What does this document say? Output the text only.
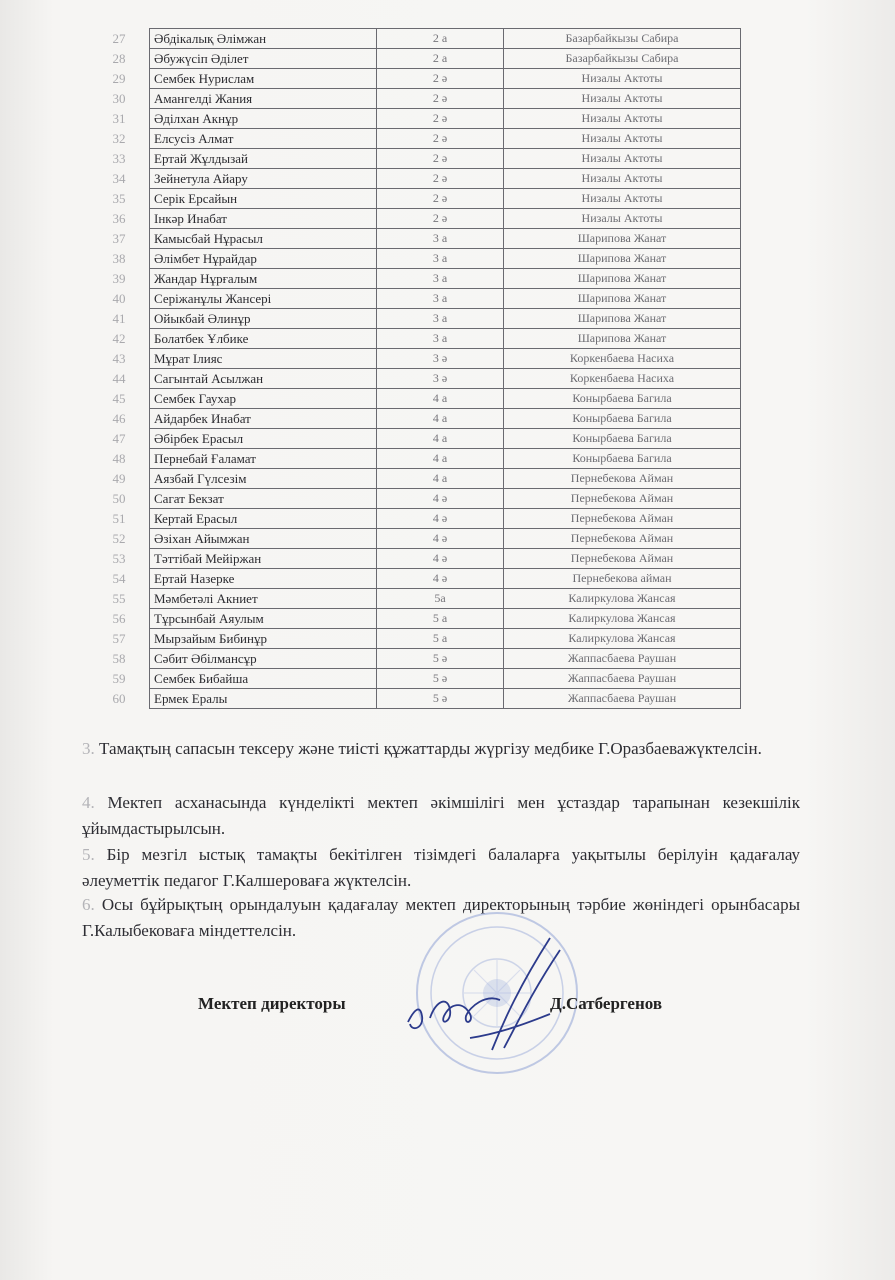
27	Әбдікалық Әлімжан	2 а	Базарбайкызы Сабира
28	Әбужүсіп Әділет	2 а	Базарбайкызы Сабира
29	Сембек Нурислам	2 ә	Низалы Актоты
30	Амангелді Жания	2 ә	Низалы Актоты
31	Әділхан Акнұр	2 ә	Низалы Актоты
32	Елсусіз Алмат	2 ә	Низалы Актоты
33	Ертай Жұлдызай	2 ә	Низалы Актоты
34	Зейнетула Айару	2 ә	Низалы Актоты
35	Серік Ерсайын	2 ә	Низалы Актоты
36	Інкәр Инабат	2 ә	Низалы Актоты
37	Камысбай Нұрасыл	3 а	Шарипова Жанат
38	Әлімбет Нұрайдар	3 а	Шарипова Жанат
39	Жандар Нұрғалым	3 а	Шарипова Жанат
40	Серіжанұлы Жансері	3 а	Шарипова Жанат
41	Ойыкбай Әлинұр	3 а	Шарипова Жанат
42	Болатбек Ұлбике	3 а	Шарипова Жанат
43	Мұрат Ілияс	3 ә	Коркенбаева Насиха
44	Сагынтай Асылжан	3 ә	Коркенбаева Насиха
45	Сембек Гаухар	4 а	Конырбаева Багила
46	Айдарбек Инабат	4 а	Конырбаева Багила
47	Әбірбек Ерасыл	4 а	Конырбаева Багила
48	Пернебай Ғаламат	4 а	Конырбаева Багила
49	Аязбай Гүлсезім	4 а	Пернебекова Айман
50	Сагат Бекзат	4 ә	Пернебекова Айман
51	Кертай Ерасыл	4 ә	Пернебекова Айман
52	Әзіхан Айымжан	4 ә	Пернебекова Айман
53	Тәттібай Мейіржан	4 ә	Пернебекова Айман
54	Ертай Назерке	4 ә	Пернебекова айман
55	Мәмбетәлі Акниет	5а	Калиркулова Жансая
56	Тұрсынбай Аяулым	5 а	Калиркулова Жансая
57	Мырзайым Бибинұр	5 а	Калиркулова Жансая
58	Сәбит Әбілмансұр	5 ә	Жаппасбаева Раушан
59	Сембек Бибайша	5 ә	Жаппасбаева Раушан
60	Ермек Ералы	5 ә	Жаппасбаева Раушан
3. Тамақтың сапасын тексеру және тиісті құжаттарды жүргізу медбике Г.Оразбаеважүктелсін.
4. Мектеп асханасында күнделікті мектеп әкімшілігі мен ұстаздар тарапынан кезекшілік ұйымдастырылсын.
5. Бір мезгіл ыстық тамақты бекітілген тізімдегі балаларға уақытылы берілуін қадағалау әлеуметтік педагог Г.Калшероваға жүктелсін.
6. Осы бұйрықтың орындалуын қадағалау мектеп директорының тәрбие жөніндегі орынбасары Г.Калыбековаға міндеттелсін.
Мектеп директоры	Д.Сатбергенов
